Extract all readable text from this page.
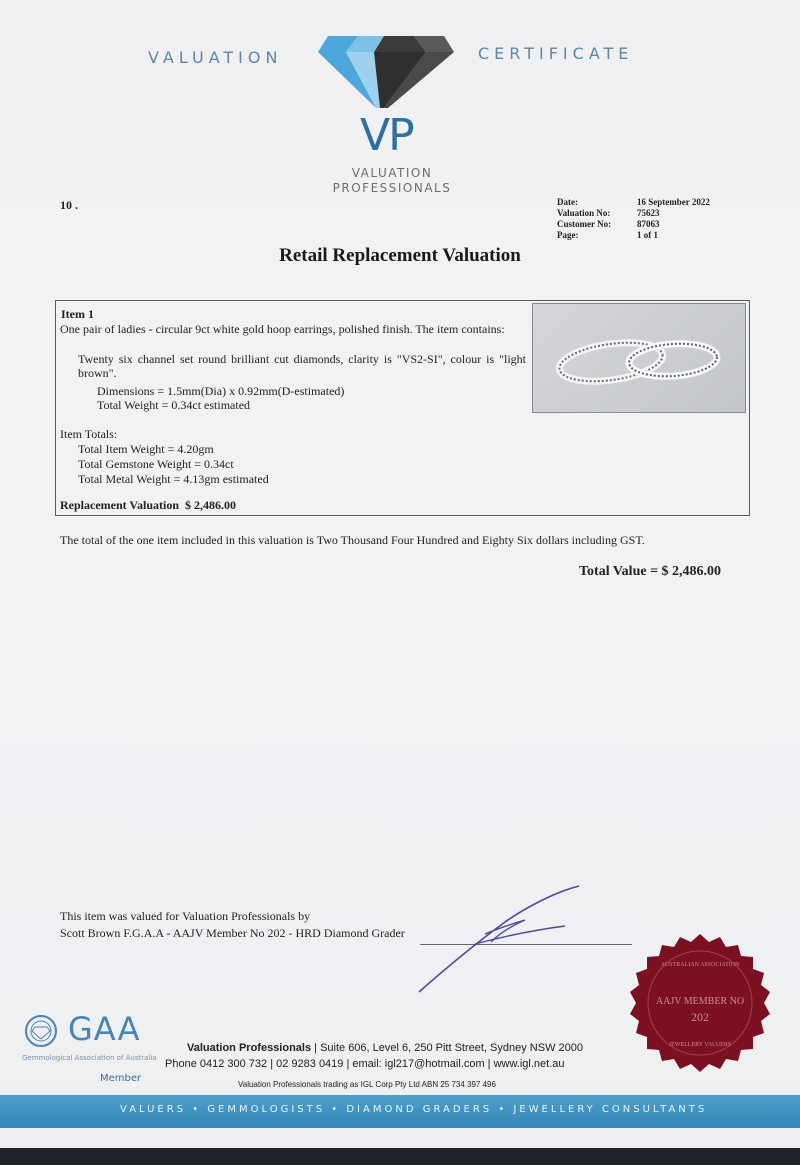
VALUATION	CERTIFICATE
VP
VALUATION
PROFESSIONALS
10 .	Date:	16 September 2022
Valuation No:	75623
Customer No:	87063
Page:	1 of 1
Retail Replacement Valuation
Item 1
One pair of ladies - circular 9ct white gold hoop earrings, polished finish. The item contains:
Twenty six channel set round brilliant cut diamonds, clarity is "VS2-SI", colour is "light brown".
Dimensions = 1.5mm(Dia) x 0.92mm(D-estimated)
Total Weight = 0.34ct estimated
Item Totals:
Total Item Weight = 4.20gm
Total Gemstone Weight = 0.34ct
Total Metal Weight = 4.13gm estimated
Replacement Valuation $ 2,486.00
The total of the one item included in this valuation is Two Thousand Four Hundred and Eighty Six dollars including GST.
Total Value = $ 2,486.00
This item was valued for Valuation Professionals by
Scott Brown F.G.A.A - AAJV Member No 202 - HRD Diamond Grader
AUSTRALIAN ASSOCIATION
AAJV MEMBER NO
202
JEWELLERY VALUERS
GAA
Gemmological Association of Australia
Member
Valuation Professionals | Suite 606, Level 6, 250 Pitt Street, Sydney NSW 2000
Phone 0412 300 732 | 02 9283 0419 | email: igl217@hotmail.com | www.igl.net.au
Valuation Professionals trading as IGL Corp Pty Ltd ABN 25 734 397 496
VALUERS • GEMMOLOGISTS • DIAMOND GRADERS • JEWELLERY CONSULTANTS
